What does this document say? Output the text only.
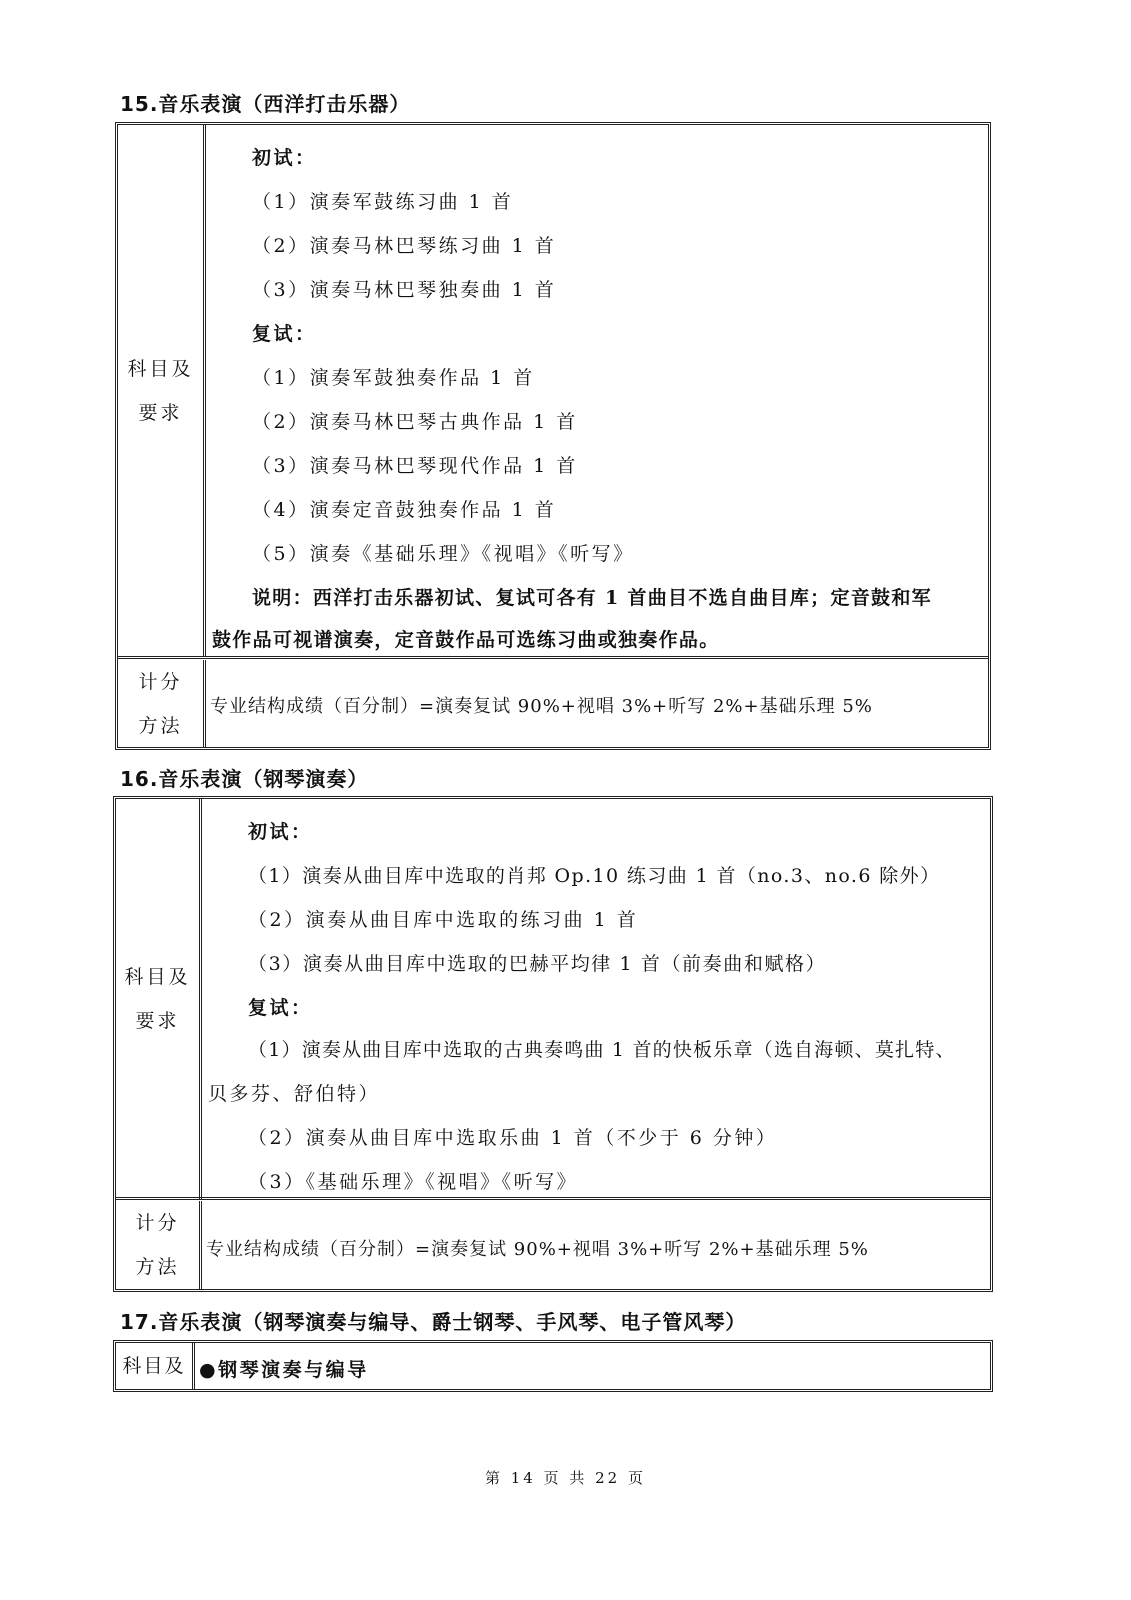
15.音乐表演（西洋打击乐器）
科目及
要求
初试：
（1）演奏军鼓练习曲 1 首
（2）演奏马林巴琴练习曲 1 首
（3）演奏马林巴琴独奏曲 1 首
复试：
（1）演奏军鼓独奏作品 1 首
（2）演奏马林巴琴古典作品 1 首
（3）演奏马林巴琴现代作品 1 首
（4）演奏定音鼓独奏作品 1 首
（5）演奏《基础乐理》《视唱》《听写》
说明：西洋打击乐器初试、复试可各有 1 首曲目不选自曲目库；定音鼓和军
鼓作品可视谱演奏，定音鼓作品可选练习曲或独奏作品。
计分
方法
专业结构成绩（百分制）=演奏复试 90%+视唱 3%+听写 2%+基础乐理 5%
16.音乐表演（钢琴演奏）
科目及
要求
初试：
（1）演奏从曲目库中选取的肖邦 Op.10 练习曲 1 首（no.3、no.6 除外）
（2）演奏从曲目库中选取的练习曲 1 首
（3）演奏从曲目库中选取的巴赫平均律 1 首（前奏曲和赋格）
复试：
（1）演奏从曲目库中选取的古典奏鸣曲 1 首的快板乐章（选自海顿、莫扎特、
贝多芬、舒伯特）
（2）演奏从曲目库中选取乐曲 1 首（不少于 6 分钟）
（3）《基础乐理》《视唱》《听写》
计分
方法
专业结构成绩（百分制）=演奏复试 90%+视唱 3%+听写 2%+基础乐理 5%
17.音乐表演（钢琴演奏与编导、爵士钢琴、手风琴、电子管风琴）
科目及 ●钢琴演奏与编导
第 14 页 共 22 页
